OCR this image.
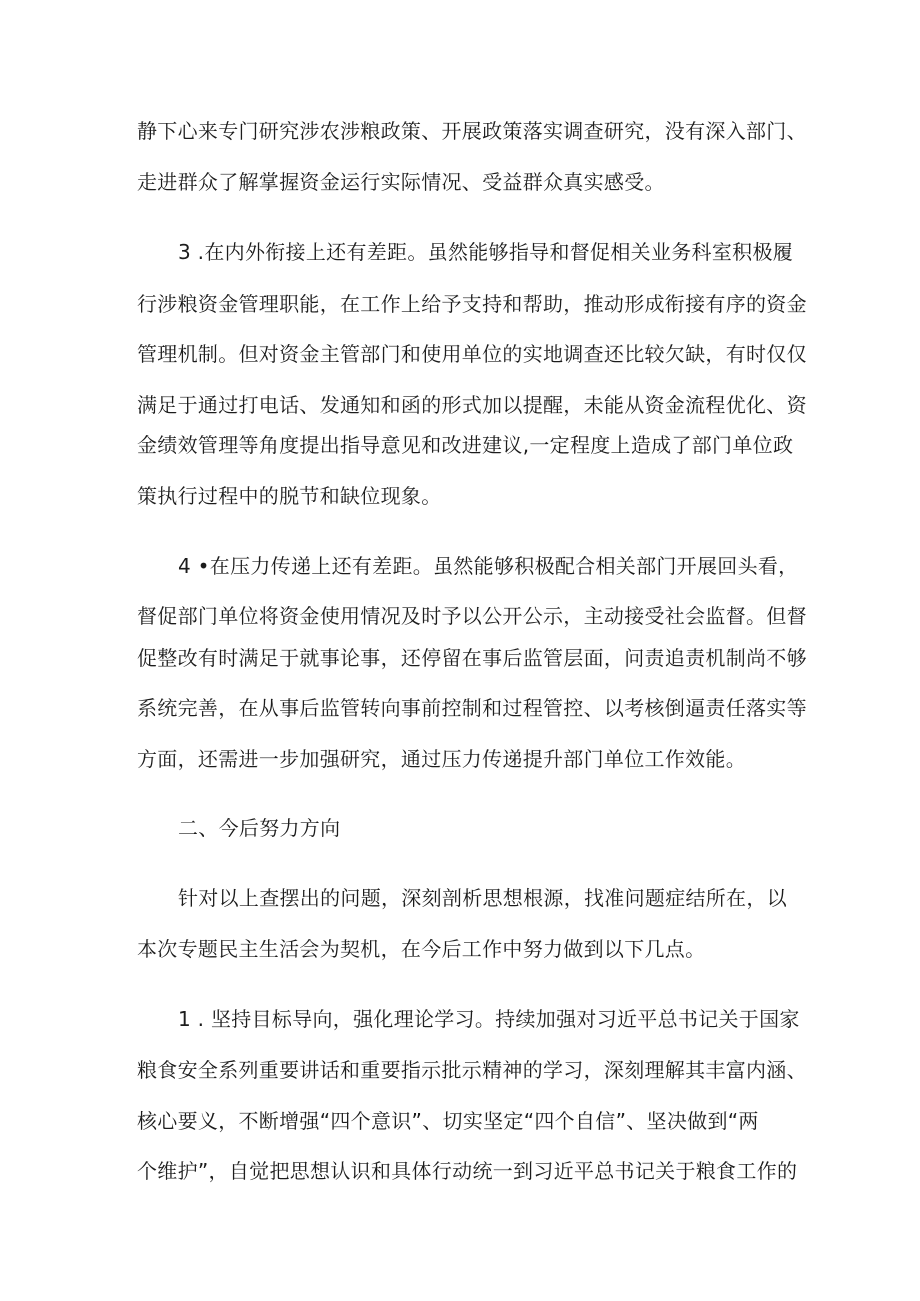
静下心来专门研究涉农涉粮政策、开展政策落实调查研究，没有深入部门、
走进群众了解掌握资金运行实际情况、受益群众真实感受。
3 .在内外衔接上还有差距。虽然能够指导和督促相关业务科室积极履
行涉粮资金管理职能，在工作上给予支持和帮助，推动形成衔接有序的资金
管理机制。但对资金主管部门和使用单位的实地调查还比较欠缺，有时仅仅
满足于通过打电话、发通知和函的形式加以提醒，未能从资金流程优化、资
金绩效管理等角度提出指导意见和改进建议,一定程度上造成了部门单位政
策执行过程中的脱节和缺位现象。
4 •在压力传递上还有差距。虽然能够积极配合相关部门开展回头看，
督促部门单位将资金使用情况及时予以公开公示，主动接受社会监督。但督
促整改有时满足于就事论事，还停留在事后监管层面，问责追责机制尚不够
系统完善，在从事后监管转向事前控制和过程管控、以考核倒逼责任落实等
方面，还需进一步加强研究，通过压力传递提升部门单位工作效能。
二、今后努力方向
针对以上查摆出的问题，深刻剖析思想根源，找准问题症结所在，以
本次专题民主生活会为契机，在今后工作中努力做到以下几点。
1 . 坚持目标导向，强化理论学习。持续加强对习近平总书记关于国家
粮食安全系列重要讲话和重要指示批示精神的学习，深刻理解其丰富内涵、
核心要义，不断增强“四个意识”、切实坚定“四个自信”、坚决做到“两
个维护”，自觉把思想认识和具体行动统一到习近平总书记关于粮食工作的
